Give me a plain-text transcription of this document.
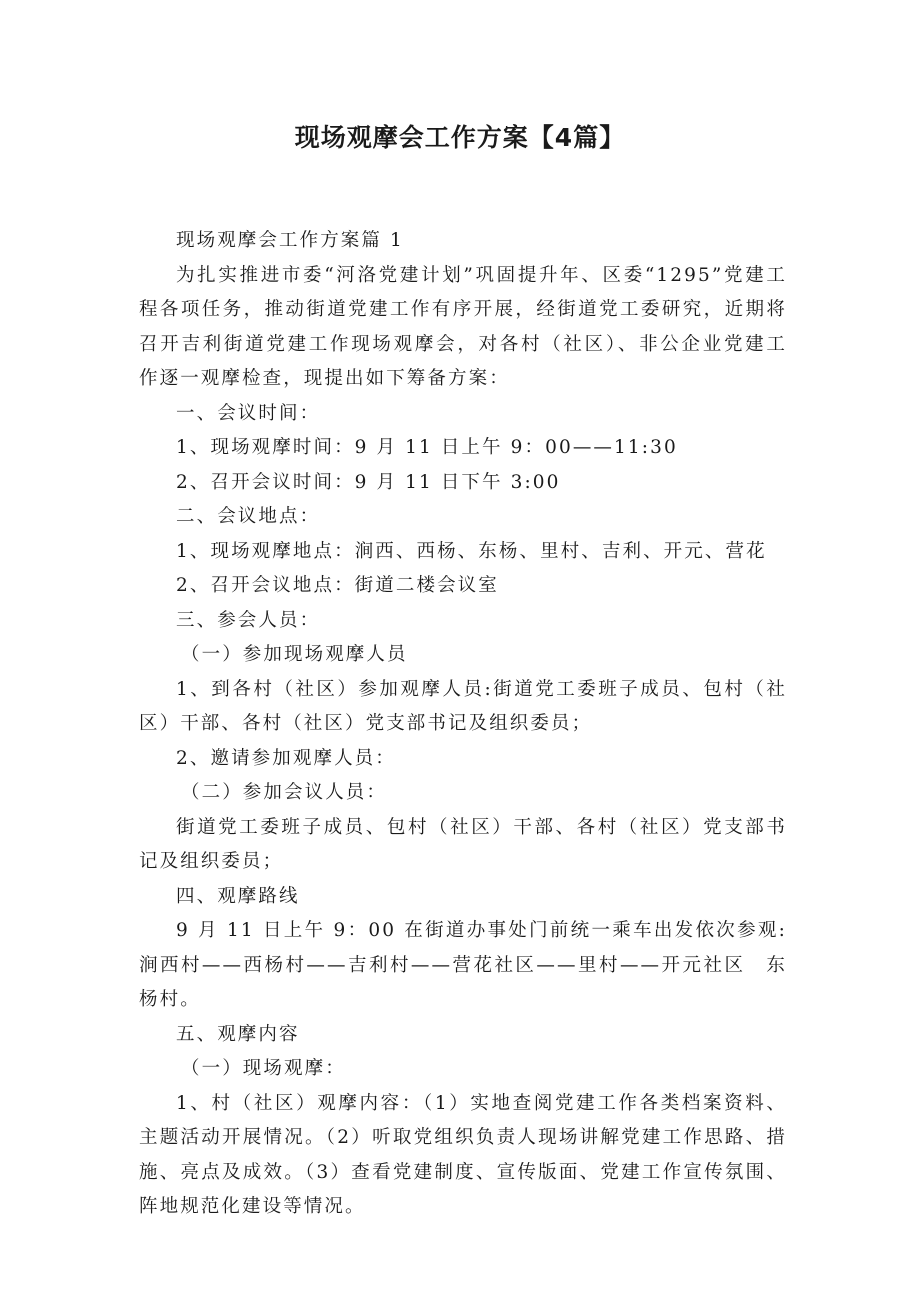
现场观摩会工作方案【4篇】

现场观摩会工作方案篇 1

为扎实推进市委“河洛党建计划”巩固提升年、区委“1295”党建工程各项任务，推动街道党建工作有序开展，经街道党工委研究，近期将召开吉利街道党建工作现场观摩会，对各村（社区）、非公企业党建工作逐一观摩检查，现提出如下筹备方案：

一、会议时间：

1、现场观摩时间：9 月 11 日上午 9：00——11:30

2、召开会议时间：9 月 11 日下午 3:00

二、会议地点：

1、现场观摩地点：涧西、西杨、东杨、里村、吉利、开元、营花

2、召开会议地点：街道二楼会议室

三、参会人员：

（一）参加现场观摩人员

1、到各村（社区）参加观摩人员:街道党工委班子成员、包村（社区）干部、各村（社区）党支部书记及组织委员；

2、邀请参加观摩人员：

（二）参加会议人员：

街道党工委班子成员、包村（社区）干部、各村（社区）党支部书记及组织委员；

四、观摩路线

9 月 11 日上午 9：00 在街道办事处门前统一乘车出发依次参观:涧西村——西杨村——吉利村——营花社区——里村——开元社区　东杨村。

五、观摩内容

（一）现场观摩：

1、村（社区）观摩内容：（1）实地查阅党建工作各类档案资料、主题活动开展情况。（2）听取党组织负责人现场讲解党建工作思路、措施、亮点及成效。（3）查看党建制度、宣传版面、党建工作宣传氛围、阵地规范化建设等情况。
